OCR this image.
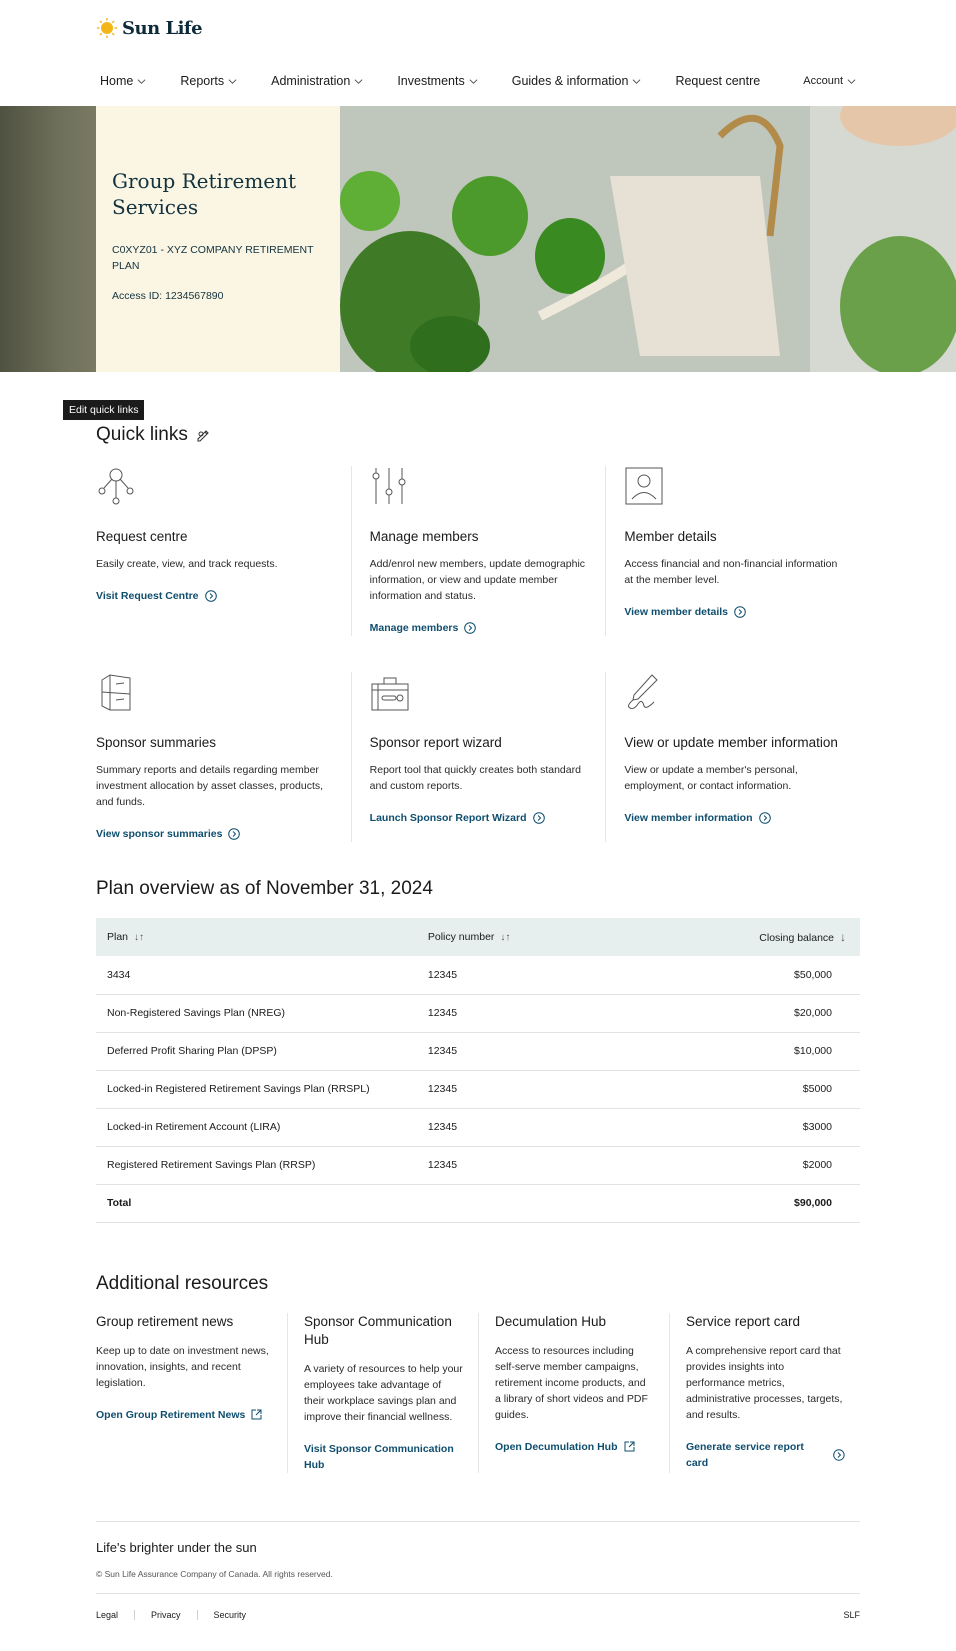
Sun Life
Home	Reports	Administration	Investments	Guides & information	Request centre	Account
Group Retirement Services
C0XYZ01 - XYZ COMPANY RETIREMENT PLAN
Access ID: 1234567890
Edit quick links
Quick links
Request centre
Easily create, view, and track requests.
Visit Request Centre
Manage members
Add/enrol new members, update demographic information, or view and update member information and status.
Manage members
Member details
Access financial and non-financial information at the member level.
View member details
Sponsor summaries
Summary reports and details regarding member investment allocation by asset classes, products, and funds.
View sponsor summaries
Sponsor report wizard
Report tool that quickly creates both standard and custom reports.
Launch Sponsor Report Wizard
View or update member information
View or update a member's personal, employment, or contact information.
View member information
Plan overview as of November 31, 2024
Plan ↓↑	Policy number ↓↑	Closing balance ↓
3434	12345	$50,000
Non-Registered Savings Plan (NREG)	12345	$20,000
Deferred Profit Sharing Plan (DPSP)	12345	$10,000
Locked-in Registered Retirement Savings Plan (RRSPL)	12345	$5000
Locked-in Retirement Account (LIRA)	12345	$3000
Registered Retirement Savings Plan (RRSP)	12345	$2000
Total		$90,000
Additional resources
Group retirement news
Keep up to date on investment news, innovation, insights, and recent legislation.
Open Group Retirement News
Sponsor Communication Hub
A variety of resources to help your employees take advantage of their workplace savings plan and improve their financial wellness.
Visit Sponsor Communication Hub
Decumulation Hub
Access to resources including self-serve member campaigns, retirement income products, and a library of short videos and PDF guides.
Open Decumulation Hub
Service report card
A comprehensive report card that provides insights into performance metrics, administrative processes, targets, and results.
Generate service report card
Life's brighter under the sun
© Sun Life Assurance Company of Canada. All rights reserved.
Legal	Privacy	Security	SLF
